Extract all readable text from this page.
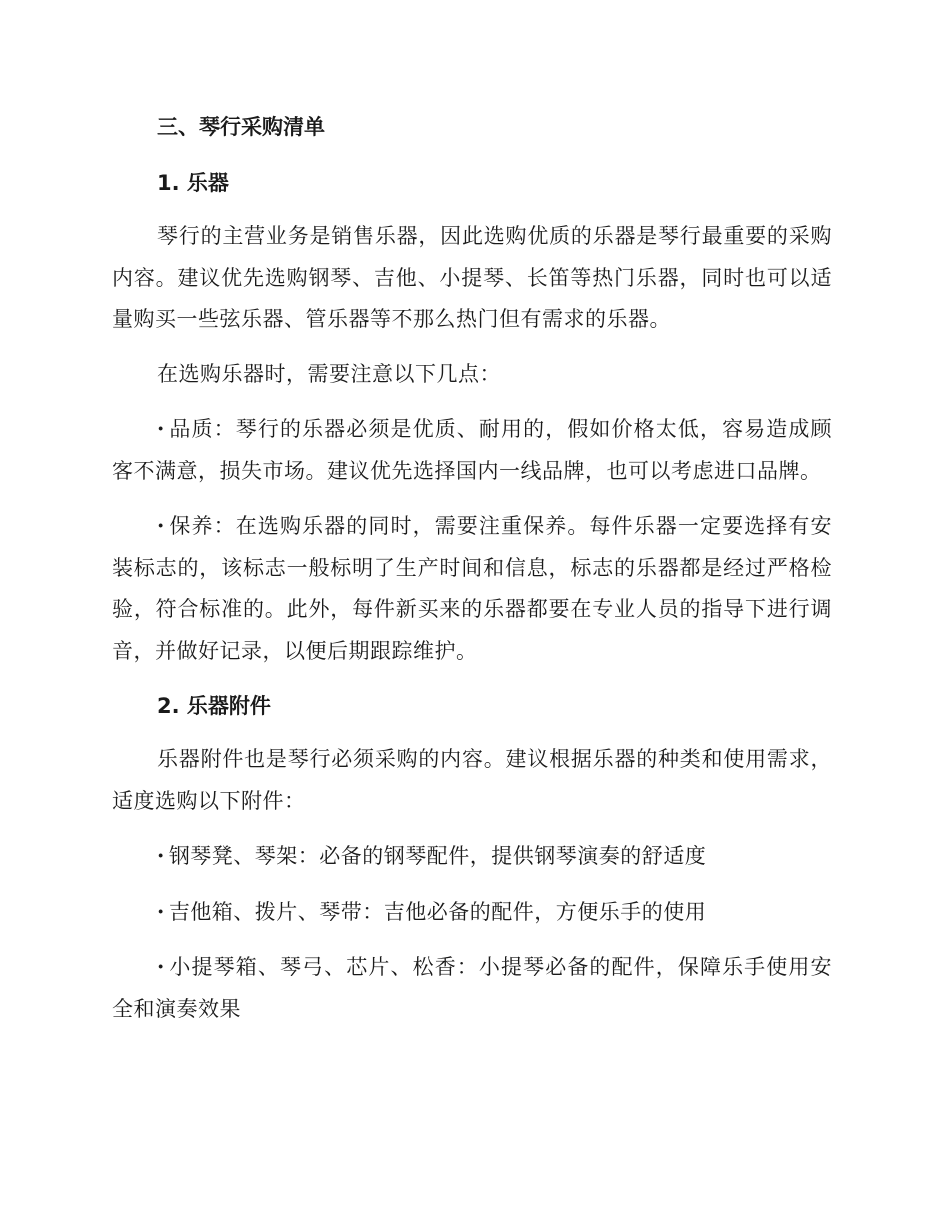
三、琴行采购清单
1. 乐器

琴行的主营业务是销售乐器，因此选购优质的乐器是琴行最重要的采购内容。建议优先选购钢琴、吉他、小提琴、长笛等热门乐器，同时也可以适量购买一些弦乐器、管乐器等不那么热门但有需求的乐器。

在选购乐器时，需要注意以下几点：

· 品质：琴行的乐器必须是优质、耐用的，假如价格太低，容易造成顾客不满意，损失市场。建议优先选择国内一线品牌，也可以考虑进口品牌。

· 保养：在选购乐器的同时，需要注重保养。每件乐器一定要选择有安装标志的，该标志一般标明了生产时间和信息，标志的乐器都是经过严格检验，符合标准的。此外，每件新买来的乐器都要在专业人员的指导下进行调音，并做好记录，以便后期跟踪维护。

2. 乐器附件

乐器附件也是琴行必须采购的内容。建议根据乐器的种类和使用需求，适度选购以下附件：

· 钢琴凳、琴架：必备的钢琴配件，提供钢琴演奏的舒适度

· 吉他箱、拨片、琴带：吉他必备的配件，方便乐手的使用

· 小提琴箱、琴弓、芯片、松香：小提琴必备的配件，保障乐手使用安全和演奏效果
